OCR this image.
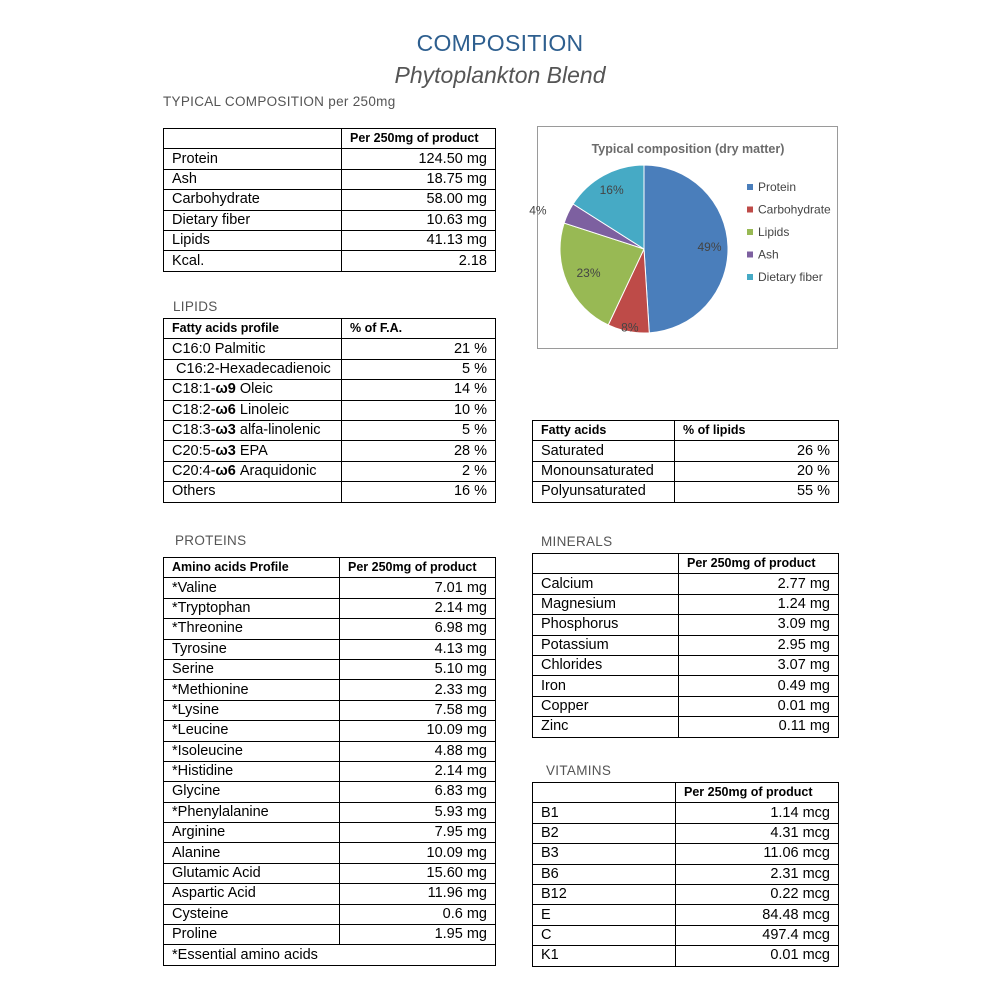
COMPOSITION
Phytoplankton Blend
TYPICAL COMPOSITION per 250mg
	Per 250mg of product
Protein	124.50 mg
Ash	18.75 mg
Carbohydrate	58.00 mg
Dietary fiber	10.63 mg
Lipids	41.13 mg
Kcal.	2.18
LIPIDS
Fatty acids profile	% of F.A.
C16:0 Palmitic	21 %
C16:2-Hexadecadienoic	5 %
C18:1-ω9 Oleic	14 %
C18:2-ω6 Linoleic	10 %
C18:3-ω3 alfa-linolenic	5 %
C20:5-ω3 EPA	28 %
C20:4-ω6 Araquidonic	2 %
Others	16 %
Fatty acids	% of lipids
Saturated	26 %
Monounsaturated	20 %
Polyunsaturated	55 %
PROTEINS
Amino acids Profile	Per 250mg of product
*Valine	7.01 mg
*Tryptophan	2.14 mg
*Threonine	6.98 mg
Tyrosine	4.13 mg
Serine	5.10 mg
*Methionine	2.33 mg
*Lysine	7.58 mg
*Leucine	10.09 mg
*Isoleucine	4.88 mg
*Histidine	2.14 mg
Glycine	6.83 mg
*Phenylalanine	5.93 mg
Arginine	7.95 mg
Alanine	10.09 mg
Glutamic Acid	15.60 mg
Aspartic Acid	11.96 mg
Cysteine	0.6 mg
Proline	1.95 mg
*Essential amino acids	
MINERALS
	Per 250mg of product
Calcium	2.77 mg
Magnesium	1.24 mg
Phosphorus	3.09 mg
Potassium	2.95 mg
Chlorides	3.07 mg
Iron	0.49 mg
Copper	0.01 mg
Zinc	0.11 mg
VITAMINS
	Per 250mg of product
B1	1.14 mcg
B2	4.31 mcg
B3	11.06 mcg
B6	2.31 mcg
B12	0.22 mcg
E	84.48 mcg
C	497.4 mcg
K1	0.01 mcg
Typical composition (dry matter)
49%
8%
23%
4%
16%	Protein
Carbohydrate
Lipids
Ash
Dietary fiber
